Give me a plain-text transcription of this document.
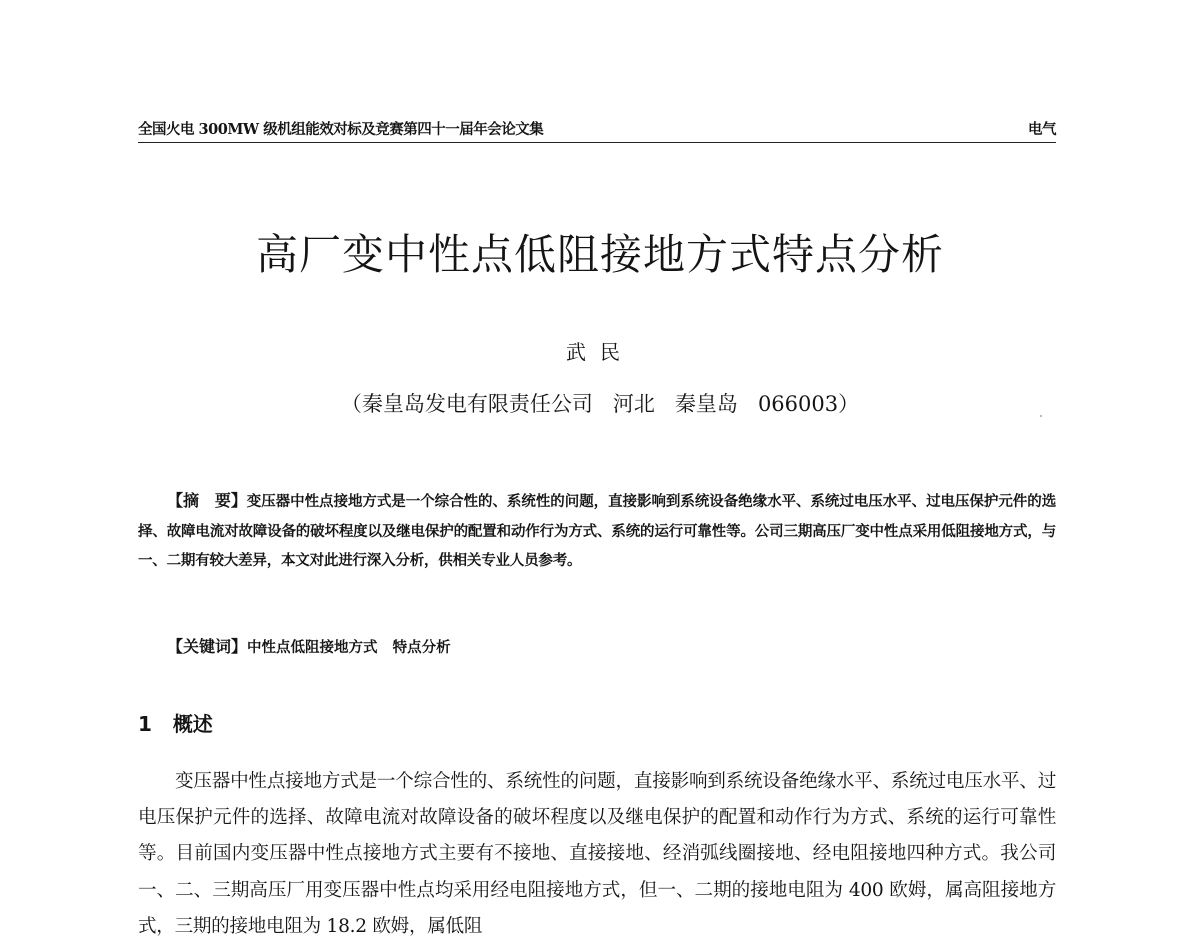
全国火电 300MW 级机组能效对标及竞赛第四十一届年会论文集	电气
高厂变中性点低阻接地方式特点分析
武民
（秦皇岛发电有限责任公司   河北   秦皇岛   066003）
【摘　要】变压器中性点接地方式是一个综合性的、系统性的问题，直接影响到系统设备绝缘水平、系统过电压水平、过电压保护元件的选择、故障电流对故障设备的破坏程度以及继电保护的配置和动作行为方式、系统的运行可靠性等。公司三期高压厂变中性点采用低阻接地方式，与一、二期有较大差异，本文对此进行深入分析，供相关专业人员参考。
【关键词】中性点低阻接地方式   特点分析
1 概述
变压器中性点接地方式是一个综合性的、系统性的问题，直接影响到系统设备绝缘水平、系统过电压水平、过电压保护元件的选择、故障电流对故障设备的破坏程度以及继电保护的配置和动作行为方式、系统的运行可靠性等。目前国内变压器中性点接地方式主要有不接地、直接接地、经消弧线圈接地、经电阻接地四种方式。我公司一、二、三期高压厂用变压器中性点均采用经电阻接地方式，但一、二期的接地电阻为 400 欧姆，属高阻接地方式，三期的接地电阻为 18.2 欧姆，属低阻
